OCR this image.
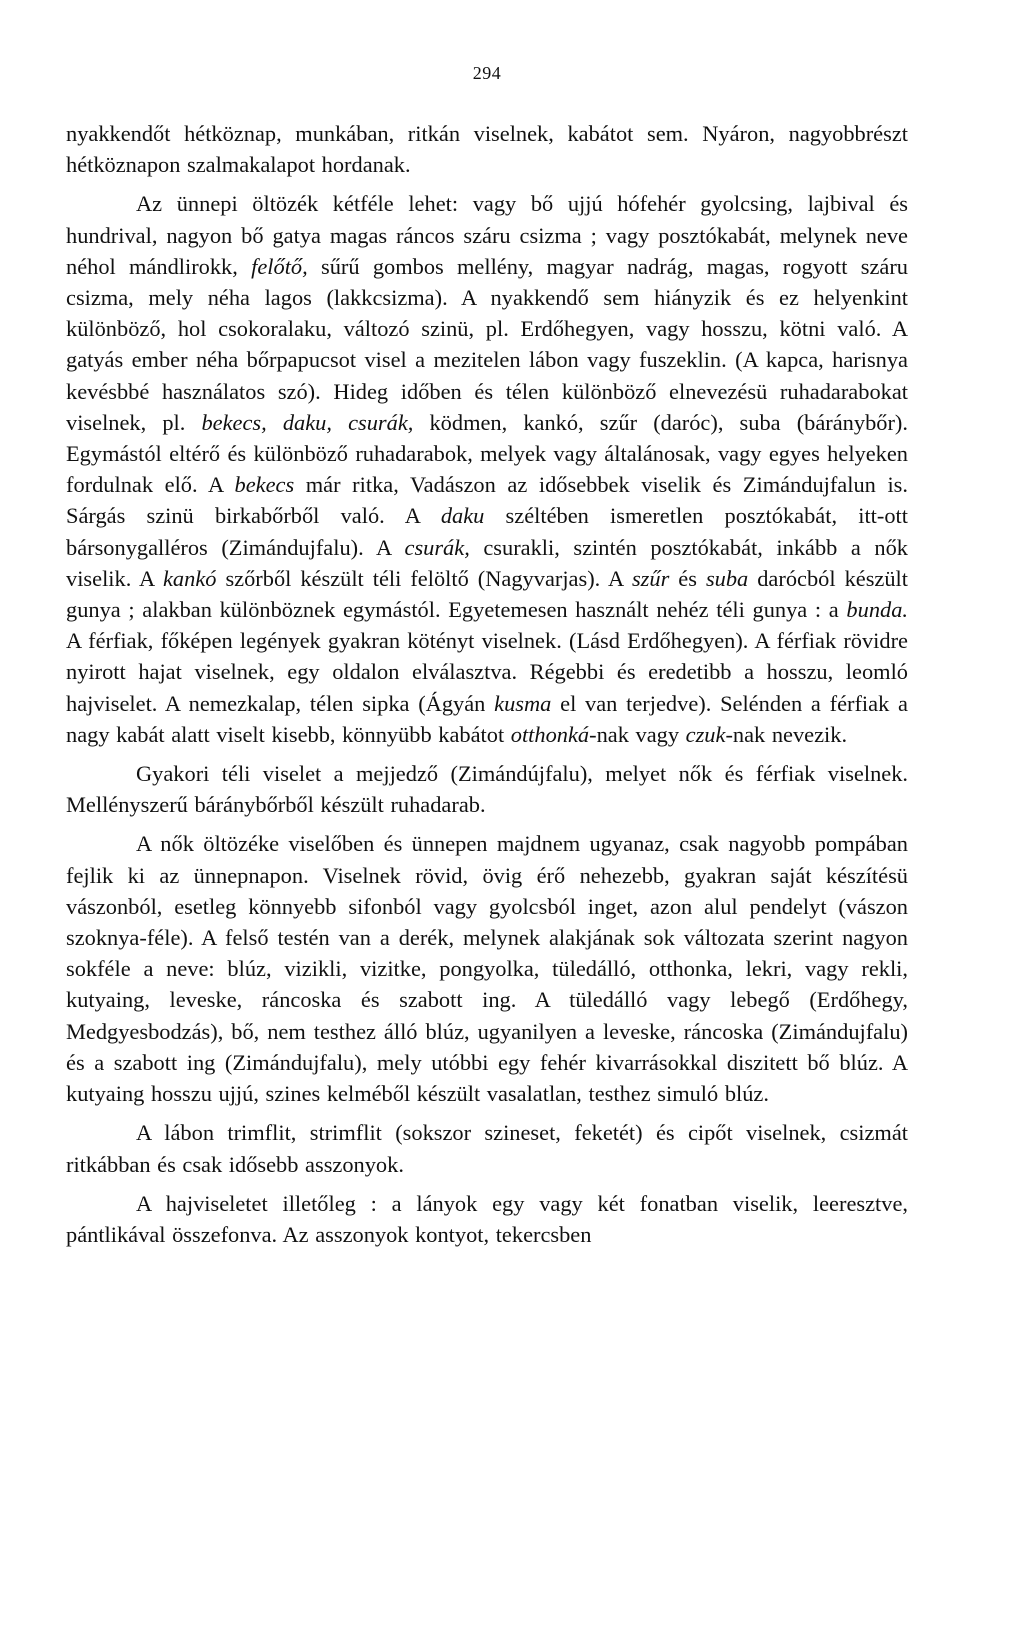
294

nyakkendőt hétköznap, munkában, ritkán viselnek, kabátot sem. Nyáron, nagyobbrészt hétköznapon szalmakalapot hordanak.

Az ünnepi öltözék kétféle lehet: vagy bő ujjú hófehér gyolcsing, lajbival és hundrival, nagyon bő gatya magas ráncos száru csizma ; vagy posztókabát, melynek neve néhol mándlirokk, felőtő, sűrű gombos mellény, magyar nadrág, magas, rogyott száru csizma, mely néha lagos (lakkcsizma). A nyakkendő sem hiányzik és ez helyenkint különböző, hol csokoralaku, változó szinü, pl. Erdőhegyen, vagy hosszu, kötni való. A gatyás ember néha bőrpapucsot visel a mezitelen lábon vagy fuszeklin. (A kapca, harisnya kevésbbé használatos szó). Hideg időben és télen különböző elnevezésü ruhadarabokat viselnek, pl. bekecs, daku, csurák, ködmen, kankó, szűr (daróc), suba (báránybőr). Egymástól eltérő és különböző ruhadarabok, melyek vagy általánosak, vagy egyes helyeken fordulnak elő. A bekecs már ritka, Vadászon az idősebbek viselik és Zimándujfalun is. Sárgás szinü birkabőrből való. A daku széltében ismeretlen posztókabát, itt-ott bársonygalléros (Zimándujfalu). A csurák, csurakli, szintén posztókabát, inkább a nők viselik. A kankó szőrből készült téli felöltő (Nagyvarjas). A szűr és suba darócból készült gunya ; alakban különböznek egymástól. Egyetemesen használt nehéz téli gunya : a bunda. A férfiak, főképen legények gyakran kötényt viselnek. (Lásd Erdőhegyen). A férfiak rövidre nyirott hajat viselnek, egy oldalon elválasztva. Régebbi és eredetibb a hosszu, leomló hajviselet. A nemezkalap, télen sipka (Ágyán kusma el van terjedve). Selénden a férfiak a nagy kabát alatt viselt kisebb, könnyübb kabátot otthonká-nak vagy czuk-nak nevezik.

Gyakori téli viselet a mejjedző (Zimándújfalu), melyet nők és férfiak viselnek. Mellényszerű báránybőrből készült ruhadarab.

A nők öltözéke viselőben és ünnepen majdnem ugyanaz, csak nagyobb pompában fejlik ki az ünnepnapon. Viselnek rövid, övig érő nehezebb, gyakran saját készítésü vászonból, esetleg könnyebb sifonból vagy gyolcsból inget, azon alul pendelyt (vászon szoknya-féle). A felső testén van a derék, melynek alakjának sok változata szerint nagyon sokféle a neve: blúz, vizikli, vizitke, pongyolka, tüledálló, otthonka, lekri, vagy rekli, kutyaing, leveske, ráncoska és szabott ing. A tüledálló vagy lebegő (Erdőhegy, Medgyesbodzás), bő, nem testhez álló blúz, ugyanilyen a leveske, ráncoska (Zimándujfalu) és a szabott ing (Zimándujfalu), mely utóbbi egy fehér kivarrásokkal diszitett bő blúz. A kutyaing hosszu ujjú, szines kelméből készült vasalatlan, testhez simuló blúz.

A lábon trimflit, strimflit (sokszor szineset, feketét) és cipőt viselnek, csizmát ritkábban és csak idősebb asszonyok.

A hajviseletet illetőleg : a lányok egy vagy két fonatban viselik, leeresztve, pántlikával összefonva. Az asszonyok kontyot, tekercsben
